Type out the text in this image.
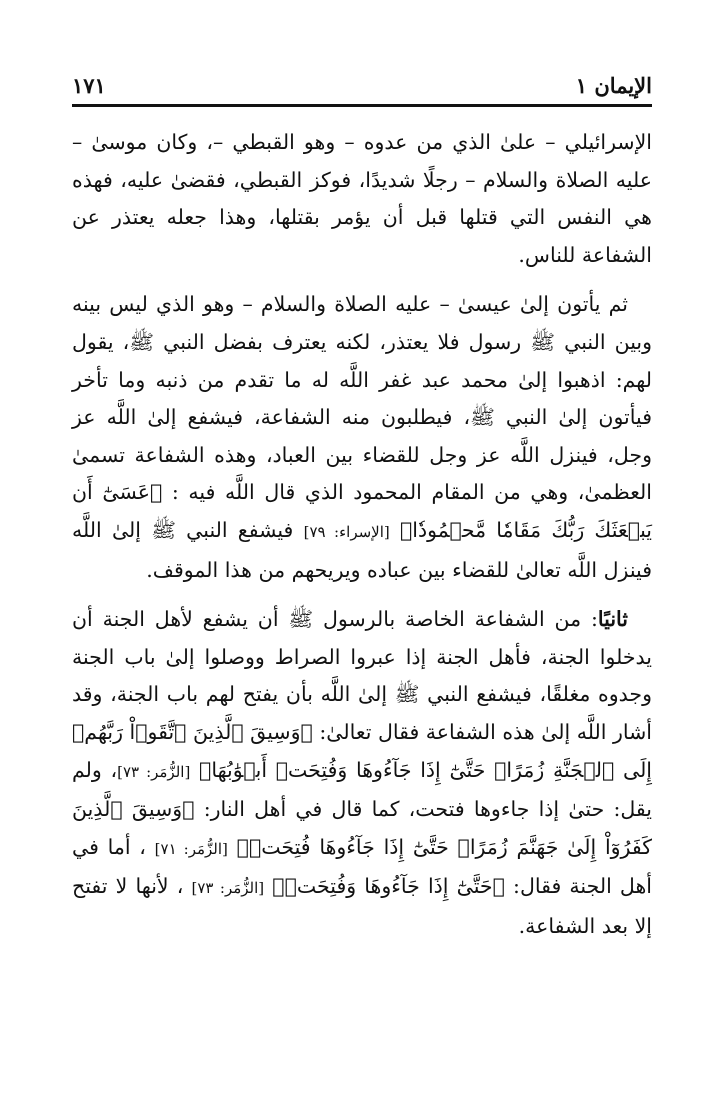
الإيمان ١
١٧١

الإسرائيلي – علىٰ الذي من عدوه – وهو القبطي –، وكان موسىٰ – عليه الصلاة والسلام – رجلًا شديدًا، فوكز القبطي، فقضىٰ عليه، فهذه هي النفس التي قتلها قبل أن يؤمر بقتلها، وهذا جعله يعتذر عن الشفاعة للناس.

ثم يأتون إلىٰ عيسىٰ – عليه الصلاة والسلام – وهو الذي ليس بينه وبين النبي ﷺ رسول فلا يعتذر، لكنه يعترف بفضل النبي ﷺ، يقول لهم: اذهبوا إلىٰ محمد عبد غفر اللَّه له ما تقدم من ذنبه وما تأخر فيأتون إلىٰ النبي ﷺ، فيطلبون منه الشفاعة، فيشفع إلىٰ اللَّه عز وجل، فينزل اللَّه عز وجل للقضاء بين العباد، وهذه الشفاعة تسمىٰ العظمىٰ، وهي من المقام المحمود الذي قال اللَّه فيه : ﴿عَسَىٰٓ أَن يَبۡعَثَكَ رَبُّكَ مَقَامٗا مَّحۡمُودٗا﴾ [الإسراء: ٧٩] فيشفع النبي ﷺ إلىٰ اللَّه فينزل اللَّه تعالىٰ للقضاء بين عباده ويريحهم من هذا الموقف.

ثانيًا: من الشفاعة الخاصة بالرسول ﷺ أن يشفع لأهل الجنة أن يدخلوا الجنة، فأهل الجنة إذا عبروا الصراط ووصلوا إلىٰ باب الجنة وجدوه مغلقًا، فيشفع النبي ﷺ إلىٰ اللَّه بأن يفتح لهم باب الجنة، وقد أشار اللَّه إلىٰ هذه الشفاعة فقال تعالىٰ: ﴿وَسِيقَ ٱلَّذِينَ ٱتَّقَوۡاْ رَبَّهُمۡ إِلَى ٱلۡجَنَّةِ زُمَرًاۖ حَتَّىٰٓ إِذَا جَآءُوهَا وَفُتِحَتۡ أَبۡوَٰبُهَا﴾ [الزُّمَر: ٧٣]، ولم يقل: حتىٰ إذا جاءوها فتحت، كما قال في أهل النار: ﴿وَسِيقَ ٱلَّذِينَ كَفَرُوٓاْ إِلَىٰ جَهَنَّمَ زُمَرًاۖ حَتَّىٰٓ إِذَا جَآءُوهَا فُتِحَتۡ﴾ [الزُّمَر: ٧١] ، أما في أهل الجنة فقال: ﴿حَتَّىٰٓ إِذَا جَآءُوهَا وَفُتِحَتۡ﴾ [الزُّمَر: ٧٣] ، لأنها لا تفتح إلا بعد الشفاعة.
